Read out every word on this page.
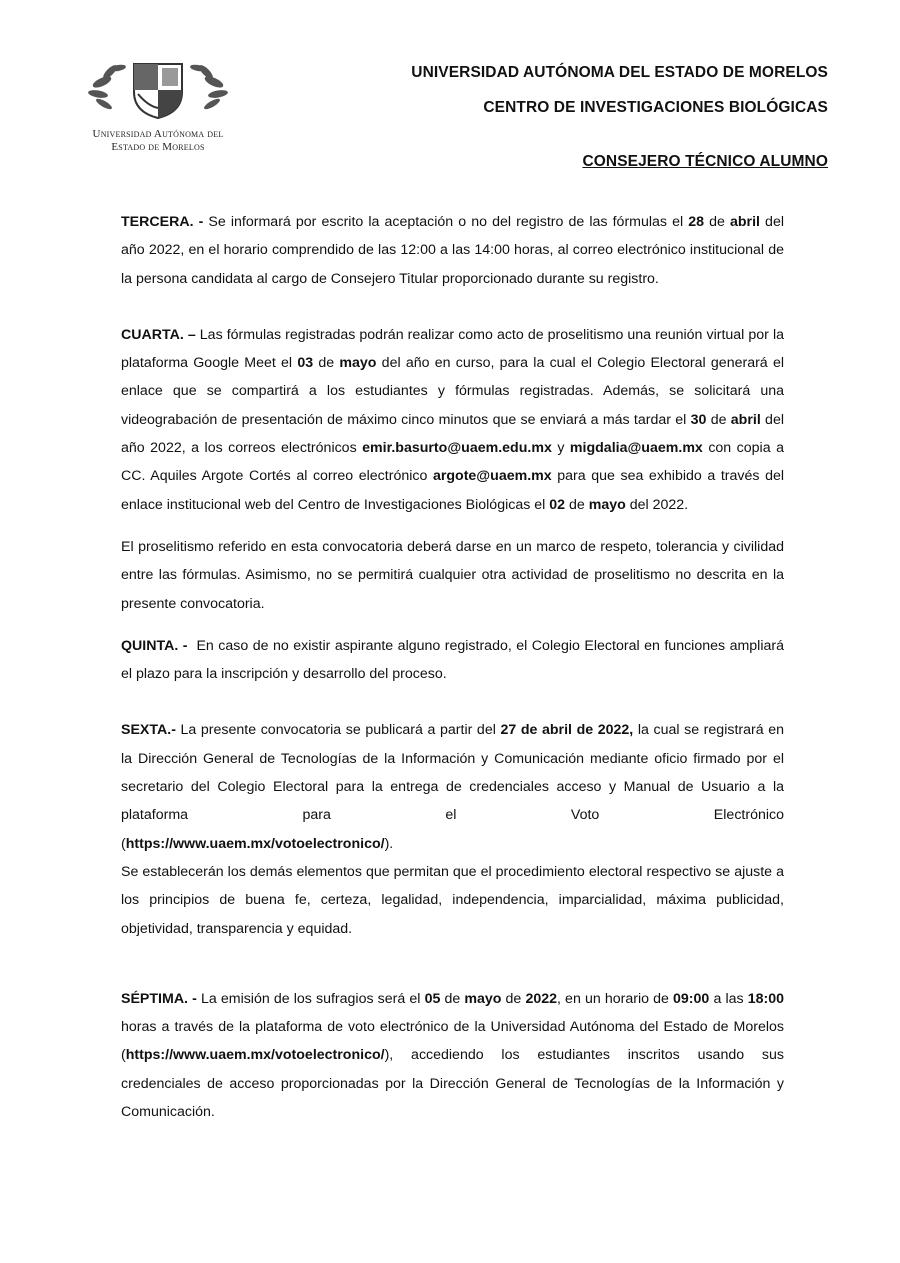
Universidad Autónoma del
Estado de Morelos
UNIVERSIDAD AUTÓNOMA DEL ESTADO DE MORELOS
CENTRO DE INVESTIGACIONES BIOLÓGICAS
CONSEJERO TÉCNICO ALUMNO

TERCERA. - Se informará por escrito la aceptación o no del registro de las fórmulas el 28 de abril del año 2022, en el horario comprendido de las 12:00 a las 14:00 horas, al correo electrónico institucional de la persona candidata al cargo de Consejero Titular proporcionado durante su registro.

CUARTA. – Las fórmulas registradas podrán realizar como acto de proselitismo una reunión virtual por la plataforma Google Meet el 03 de mayo del año en curso, para la cual el Colegio Electoral generará el enlace que se compartirá a los estudiantes y fórmulas registradas. Además, se solicitará una videograbación de presentación de máximo cinco minutos que se enviará a más tardar el 30 de abril del año 2022, a los correos electrónicos emir.basurto@uaem.edu.mx y migdalia@uaem.mx con copia a CC. Aquiles Argote Cortés al correo electrónico argote@uaem.mx para que sea exhibido a través del enlace institucional web del Centro de Investigaciones Biológicas el 02 de mayo del 2022.

El proselitismo referido en esta convocatoria deberá darse en un marco de respeto, tolerancia y civilidad entre las fórmulas. Asimismo, no se permitirá cualquier otra actividad de proselitismo no descrita en la presente convocatoria.

QUINTA. -  En caso de no existir aspirante alguno registrado, el Colegio Electoral en funciones ampliará el plazo para la inscripción y desarrollo del proceso.

SEXTA.- La presente convocatoria se publicará a partir del 27 de abril de 2022, la cual se registrará en la Dirección General de Tecnologías de la Información y Comunicación mediante oficio firmado por el secretario del Colegio Electoral para la entrega de credenciales acceso y Manual de Usuario a la plataforma para el Voto Electrónico

(https://www.uaem.mx/votoelectronico/).

Se establecerán los demás elementos que permitan que el procedimiento electoral respectivo se ajuste a los principios de buena fe, certeza, legalidad, independencia, imparcialidad, máxima publicidad, objetividad, transparencia y equidad.

SÉPTIMA. - La emisión de los sufragios será el 05 de mayo de 2022, en un horario de 09:00 a las 18:00 horas a través de la plataforma de voto electrónico de la Universidad Autónoma del Estado de Morelos (https://www.uaem.mx/votoelectronico/), accediendo los estudiantes inscritos usando sus credenciales de acceso proporcionadas por la Dirección General de Tecnologías de la Información y Comunicación.
